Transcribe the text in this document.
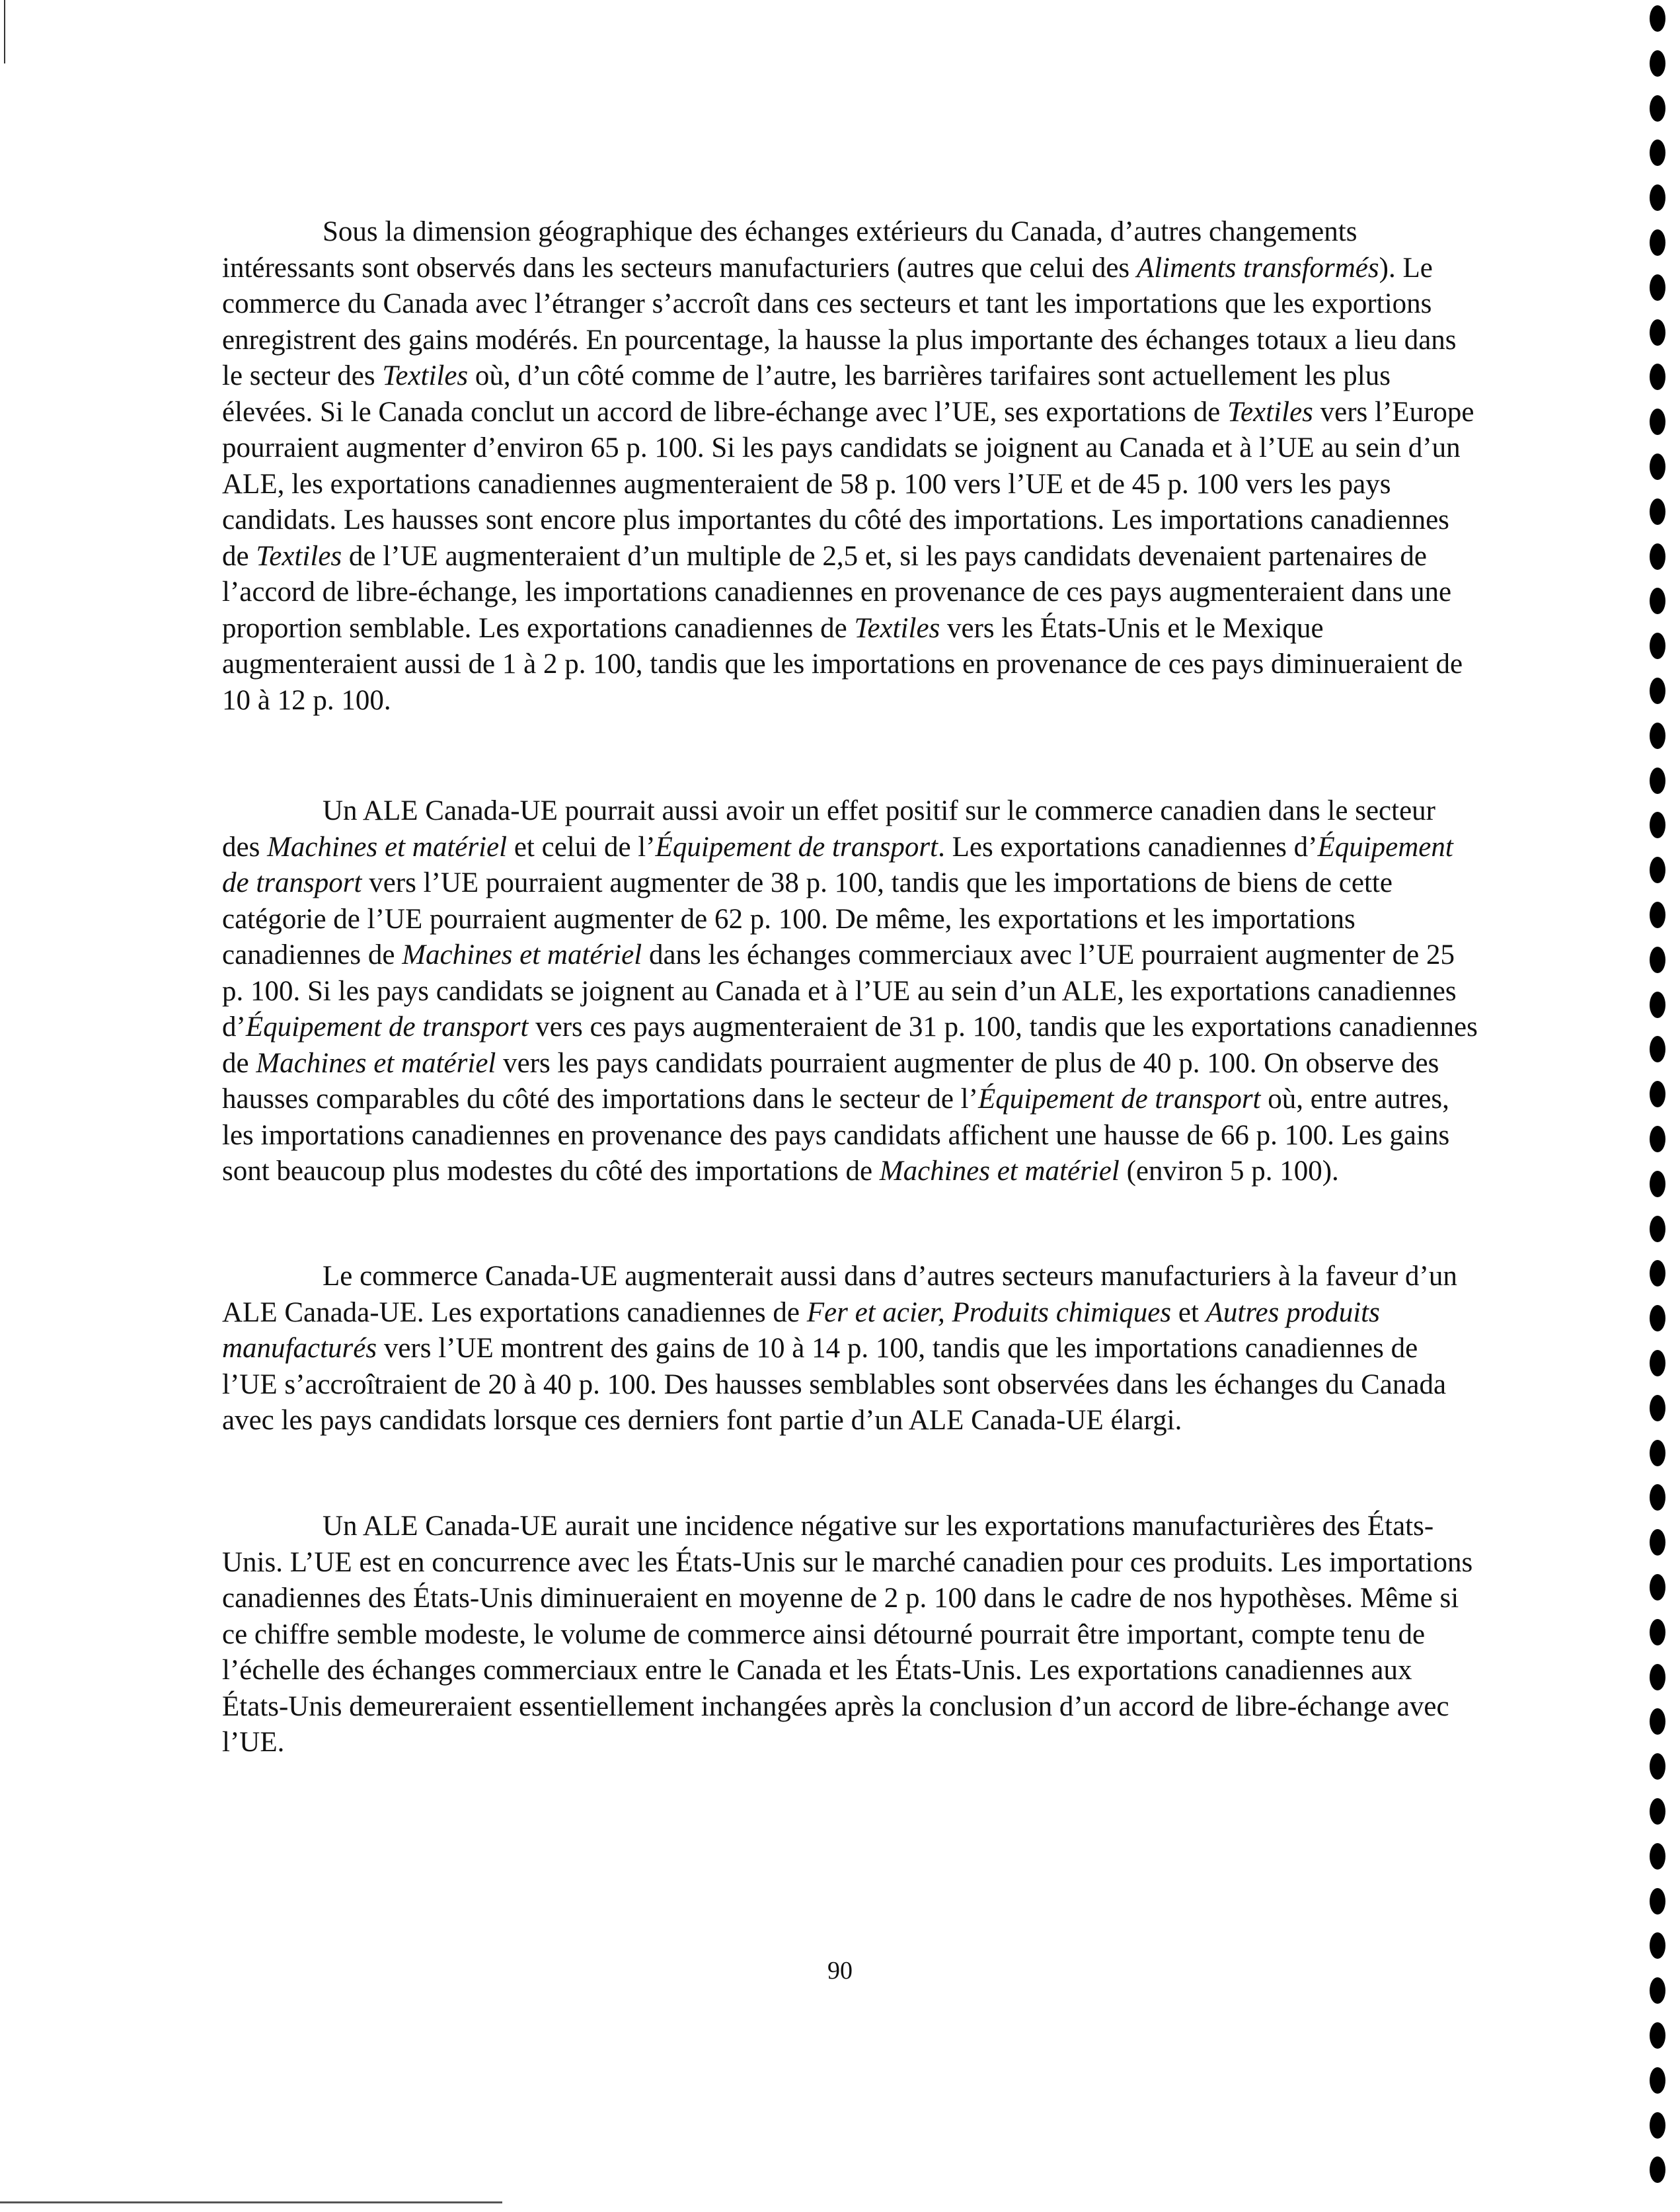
Sous la dimension géographique des échanges extérieurs du Canada, d’autres changements intéressants sont observés dans les secteurs manufacturiers (autres que celui des Aliments transformés). Le commerce du Canada avec l’étranger s’accroît dans ces secteurs et tant les importations que les exportions enregistrent des gains modérés. En pourcentage, la hausse la plus importante des échanges totaux a lieu dans le secteur des Textiles où, d’un côté comme de l’autre, les barrières tarifaires sont actuellement les plus élevées. Si le Canada conclut un accord de libre-échange avec l’UE, ses exportations de Textiles vers l’Europe pourraient augmenter d’environ 65 p. 100. Si les pays candidats se joignent au Canada et à l’UE au sein d’un ALE, les exportations canadiennes augmenteraient de 58 p. 100 vers l’UE et de 45 p. 100 vers les pays candidats. Les hausses sont encore plus importantes du côté des importations. Les importations canadiennes de Textiles de l’UE augmenteraient d’un multiple de 2,5 et, si les pays candidats devenaient partenaires de l’accord de libre-échange, les importations canadiennes en provenance de ces pays augmenteraient dans une proportion semblable. Les exportations canadiennes de Textiles vers les États-Unis et le Mexique augmenteraient aussi de 1 à 2 p. 100, tandis que les importations en provenance de ces pays diminueraient de 10 à 12 p. 100.

Un ALE Canada-UE pourrait aussi avoir un effet positif sur le commerce canadien dans le secteur des Machines et matériel et celui de l’Équipement de transport. Les exportations canadiennes d’Équipement de transport vers l’UE pourraient augmenter de 38 p. 100, tandis que les importations de biens de cette catégorie de l’UE pourraient augmenter de 62 p. 100. De même, les exportations et les importations canadiennes de Machines et matériel dans les échanges commerciaux avec l’UE pourraient augmenter de 25 p. 100. Si les pays candidats se joignent au Canada et à l’UE au sein d’un ALE, les exportations canadiennes d’Équipement de transport vers ces pays augmenteraient de 31 p. 100, tandis que les exportations canadiennes de Machines et matériel vers les pays candidats pourraient augmenter de plus de 40 p. 100. On observe des hausses comparables du côté des importations dans le secteur de l’Équipement de transport où, entre autres, les importations canadiennes en provenance des pays candidats affichent une hausse de 66 p. 100. Les gains sont beaucoup plus modestes du côté des importations de Machines et matériel (environ 5 p. 100).

Le commerce Canada-UE augmenterait aussi dans d’autres secteurs manufacturiers à la faveur d’un ALE Canada-UE. Les exportations canadiennes de Fer et acier, Produits chimiques et Autres produits manufacturés vers l’UE montrent des gains de 10 à 14 p. 100, tandis que les importations canadiennes de l’UE s’accroîtraient de 20 à 40 p. 100. Des hausses semblables sont observées dans les échanges du Canada avec les pays candidats lorsque ces derniers font partie d’un ALE Canada-UE élargi.

Un ALE Canada-UE aurait une incidence négative sur les exportations manufacturières des États-Unis. L’UE est en concurrence avec les États-Unis sur le marché canadien pour ces produits. Les importations canadiennes des États-Unis diminueraient en moyenne de 2 p. 100 dans le cadre de nos hypothèses. Même si ce chiffre semble modeste, le volume de commerce ainsi détourné pourrait être important, compte tenu de l’échelle des échanges commerciaux entre le Canada et les États-Unis. Les exportations canadiennes aux États-Unis demeureraient essentiellement inchangées après la conclusion d’un accord de libre-échange avec l’UE.

90
